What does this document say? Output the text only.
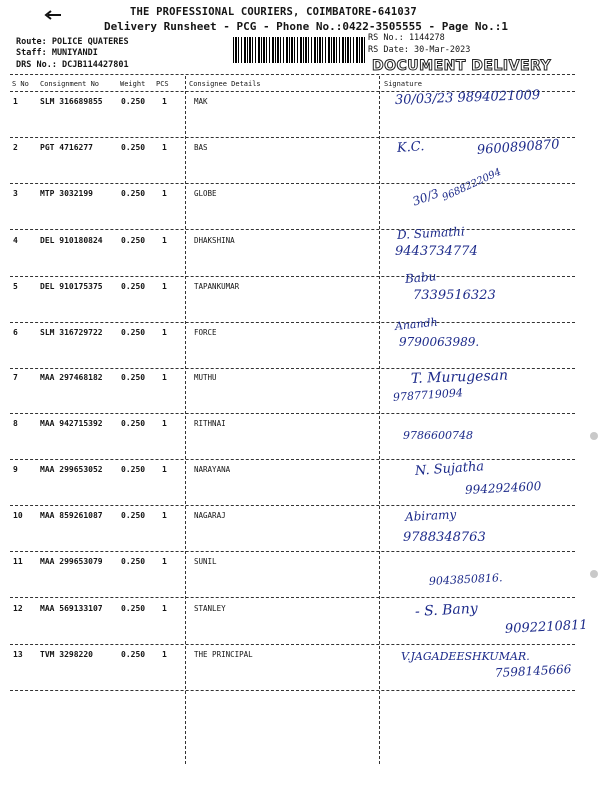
THE PROFESSIONAL COURIERS, COIMBATORE-641037
Delivery Runsheet - PCG - Phone No.:0422-3505555 - Page No.:1
Route: POLICE QUATERES
Staff: MUNIYANDI
DRS No.: DCJB114427801
RS No.: 1144278
RS Date: 30-Mar-2023
DOCUMENT DELIVERY
S No Consignment No	Weight PCS	Consignee Details	Signature
1	SLM 316689855 0.250 1	MAK	30/03/23 9894021009
2	PGT 4716277	0.250 1	BAS	K.C.	9600890870
3	MTP 3032199	0.250 1	GLOBE	30/3 9688222094
4	DEL 910180824 0.250 1	DHAKSHINA	D. Sumathi
9443734774
5	DEL 910175375 0.250 1	TAPANKUMAR
Babu
7339516323
6	SLM 316729722 0.250 1	FORCE	Anandh
9790063989.
7	MAA 297468182 0.250 1	MUTHU	T. Murugesan
9787719094
8	MAA 942715392 0.250 1	RITHNAI
9786600748
9	MAA 299653052 0.250 1	NARAYANA	N. Sujatha
9942924600
10 MAA 859261087 0.250 1	NAGARAJ	Abiramy
9788348763
11 MAA 299653079 0.250 1	SUNIL
9043850816.
12 MAA 569133107 0.250 1	STANLEY	- S. Bany
9092210811
13 TVM 3298220	0.250 1	THE PRINCIPAL	V.JAGADEESHKUMAR.
7598145666
